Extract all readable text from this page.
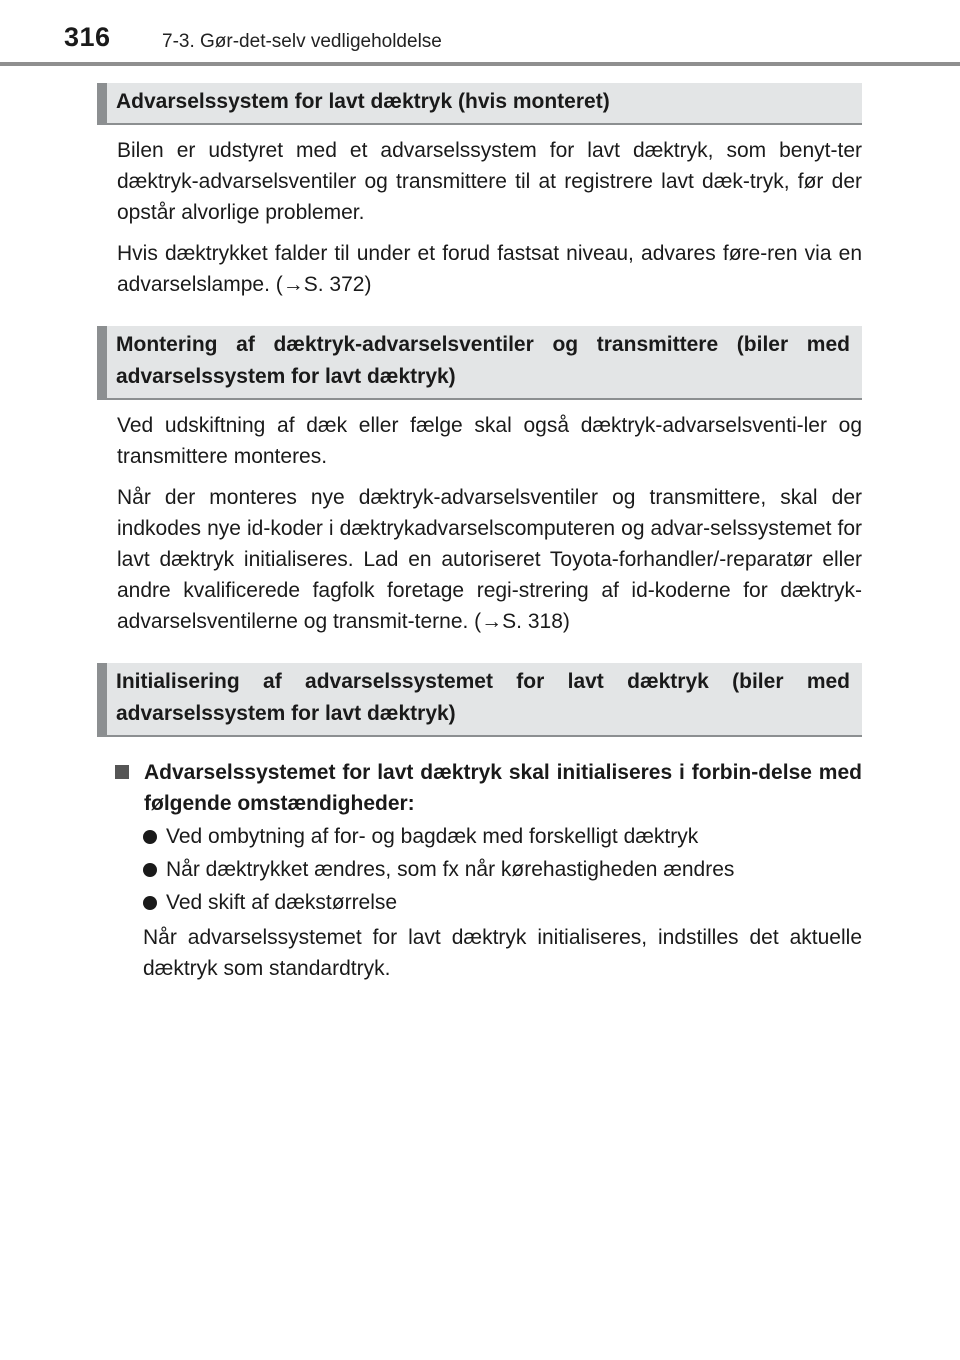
316	7-3. Gør-det-selv vedligeholdelse
Advarselssystem for lavt dæktryk (hvis monteret)

Bilen er udstyret med et advarselssystem for lavt dæktryk, som benyt-ter dæktryk-advarselsventiler og transmittere til at registrere lavt dæk-tryk, før der opstår alvorlige problemer.

Hvis dæktrykket falder til under et forud fastsat niveau, advares føre-ren via en advarselslampe. (→S. 372)

Montering af dæktryk-advarselsventiler og transmittere (biler med advarselssystem for lavt dæktryk)

Ved udskiftning af dæk eller fælge skal også dæktryk-advarselsventi-ler og transmittere monteres.

Når der monteres nye dæktryk-advarselsventiler og transmittere, skal der indkodes nye id-koder i dæktrykadvarselscomputeren og advar-selssystemet for lavt dæktryk initialiseres. Lad en autoriseret Toyota-forhandler/-reparatør eller andre kvalificerede fagfolk foretage regi-strering af id-koderne for dæktryk-advarselsventilerne og transmit-terne. (→S. 318)

Initialisering af advarselssystemet for lavt dæktryk (biler med advarselssystem for lavt dæktryk)
Advarselssystemet for lavt dæktryk skal initialiseres i forbin-delse med følgende omstændigheder:
Ved ombytning af for- og bagdæk med forskelligt dæktryk
Når dæktrykket ændres, som fx når kørehastigheden ændres
Ved skift af dækstørrelse

Når advarselssystemet for lavt dæktryk initialiseres, indstilles det aktuelle dæktryk som standardtryk.
